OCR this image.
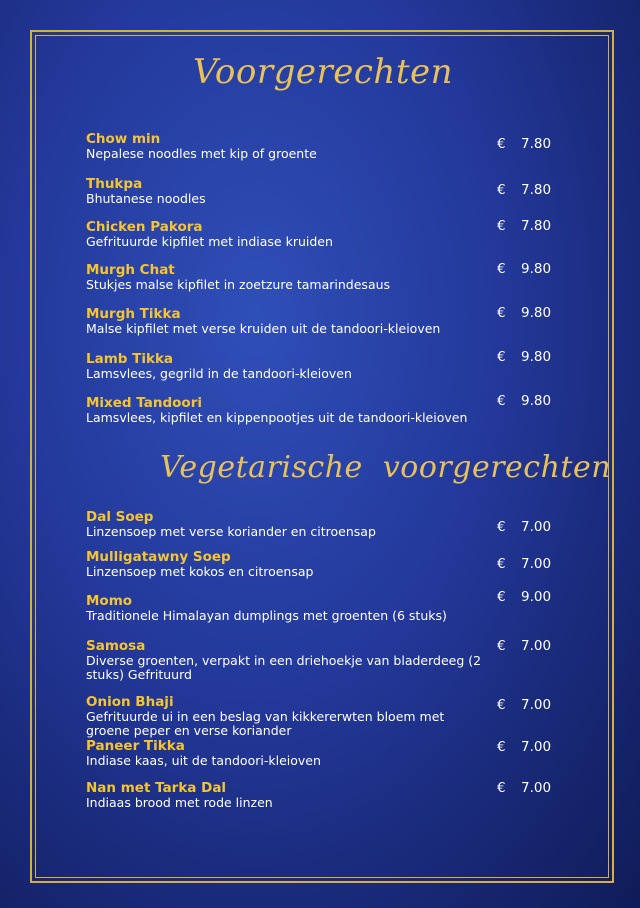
Voorgerechten
Chow min
Nepalese noodles met kip of groente
€ 7.80
Thukpa
Bhutanese noodles
€ 7.80
Chicken Pakora
Gefrituurde kipfilet met indiase kruiden
€ 7.80
Murgh Chat
Stukjes malse kipfilet in zoetzure tamarindesaus
€ 9.80
Murgh Tikka
Malse kipfilet met verse kruiden uit de tandoori-kleioven
€ 9.80
Lamb Tikka
Lamsvlees, gegrild in de tandoori-kleioven
€ 9.80
Mixed Tandoori
Lamsvlees, kipfilet en kippenpootjes uit de tandoori-kleioven
€ 9.80
Vegetarische  voorgerechten
Dal Soep
Linzensoep met verse koriander en citroensap	€ 7.00
Mulligatawny Soep
Linzensoep met kokos en citroensap	€ 7.00
Momo
Traditionele Himalayan dumplings met groenten (6 stuks)
€ 9.00
Samosa
Diverse groenten, verpakt in een driehoekje van bladerdeeg (2 stuks) Gefrituurd
€ 7.00
Onion Bhaji
Gefrituurde ui in een beslag van kikkererwten bloem met groene peper en verse koriander
€ 7.00
Paneer Tikka
Indiase kaas, uit de tandoori-kleioven
€ 7.00
Nan met Tarka Dal
Indiaas brood met rode linzen
€ 7.00
